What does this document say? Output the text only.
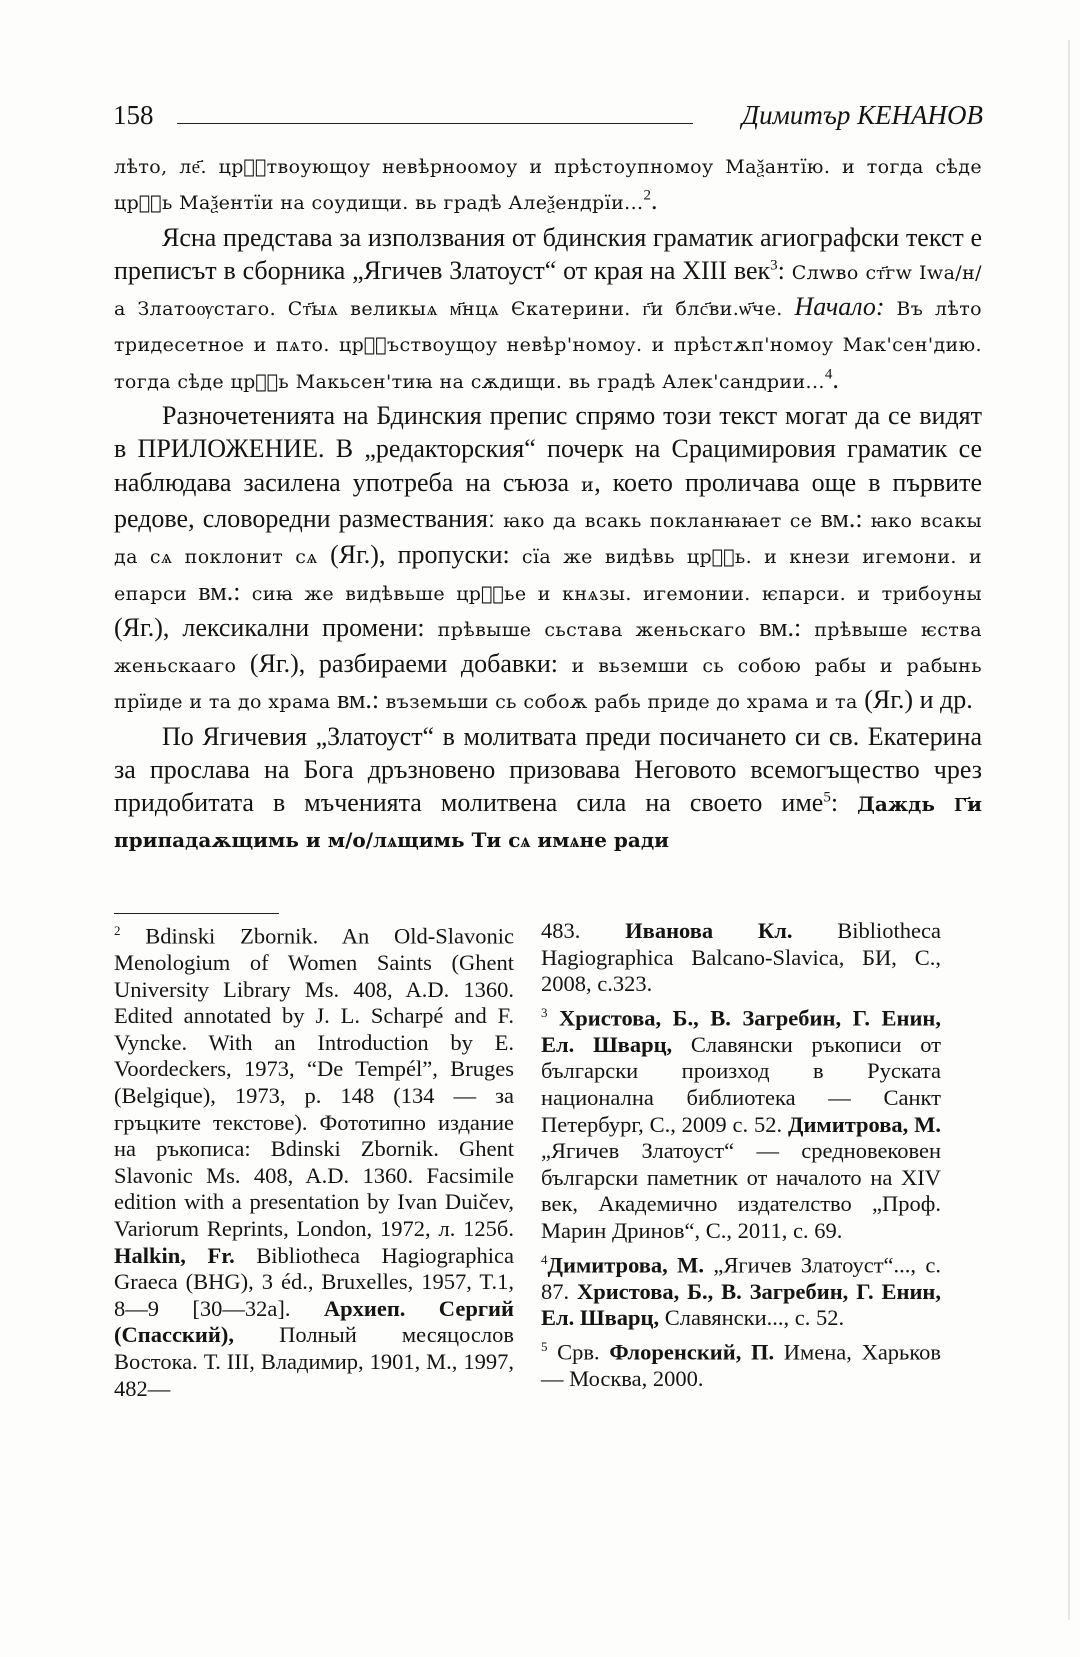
158	Димитър КЕНАНОВ

лѣто, ле҃. црⷭ҇твоующоу невѣрноомоу и прѣстоупномоу Маѯантїю. и тогда сѣде црⷭ҇ь Маѯентїи на соудищи. вь градѣ Алеѯендрїи...$^2$.

Ясна представа за използвания от бдинския граматик агиографски текст е преписът в сборника „Ягичев Златоуст“ от края на XIII век$^3$: Слwво ст҃гw Іwа/н/а Златоѹстаго. Ст҃ыѧ великыѧ м҃нцѧ Єкатерини. г҃и блс҃ви.ѡ҃че. Начало: Въ лѣто тридесетное и пѧто. црⷭ҇ъствоущоу невѣр'номоу. и прѣстѫп'номоу Мак'сен'дию. тогда сѣде црⷭ҇ь Макьсен'тиꙗ на сѫдищи. вь градѣ Алек'сандрии...$^4$.

Разночетенията на Бдинския препис спрямо този текст могат да се видят в ПРИЛОЖЕНИЕ. В „редакторския“ почерк на Срацимировия граматик се наблюдава засилена употреба на съюза и, което проличава още в първите редове, словоредни разместванияː ꙗко да всакь покланꙗꙗет се вм.: ꙗко всакы да сѧ поклонит сѧ (Яг.), пропуски: сїа же видѣвь црⷭ҇ь. и кнези игемони. и епарси вм.: сиꙗ же видѣвьше црⷭ҇ье и кнѧзы. игемонии. ѥпарси. и трибоуны (Яг.), лексикални промени: прѣвыше сьстава женьскаго вм.: прѣвыше ѥства женьскааго (Яг.), разбираеми добавки: и вьземши сь собою рабы и рабынь прїиде и та до храма вм.: въземьши сь собоѫ рабь приде до храма и та (Яг.) и др.

По Ягичевия „Златоуст“ в молитвата преди посичането си св. Екатерина за прослава на Бога дръзновено призовава Неговото всемогъщество чрез придобитата в мъченията молитвена сила на своето име$^5$: Даждь Г҃и припадаѫщимь и м/о/лѧщимь Ти сѧ имѧне ради

$^2$ Bdinski Zbornik. An Old-Slavonic Menologium of Women Saints (Ghent University Library Ms. 408, A.D. 1360. Edited annotated by J. L. Scharpé and F. Vyncke. With an Introduction by E. Voordeckers, 1973, “De Tempél”, Bruges (Belgique), 1973, p. 148 (134 — за гръцките текстове). Фототипно издание на ръкописа: Bdinski Zbornik. Ghent Slavonic Ms. 408, A.D. 1360. Facsimile edition with a presentation by Ivan Duičev, Variorum Reprints, London, 1972, л. 125б. Halkin, Fr. Bibliotheca Hagiographica Graeca (BHG), 3 éd., Bruxelles, 1957, T.1, 8—9 [30—32a]. Архиеп. Сергий (Спасский), Полный месяцослов Востока. Т. III, Владимир, 1901, М., 1997, 482—

483. Иванова Кл. Bibliotheca Hagiographica Balcano-Slavica, БИ, С., 2008, с.323.

$^3$ Христова, Б., В. Загребин, Г. Енин, Ел. Шварц, Славянски ръкописи от български произход в Руската национална библиотека — Санкт Петербург, С., 2009 с. 52. Димитрова, М. „Ягичев Златоуст“ — средновековен български паметник от началото на XIV век, Академично издателство „Проф. Марин Дринов“, С., 2011, с. 69.

$^4$Димитрова, М. „Ягичев Златоуст“..., с. 87. Христова, Б., В. Загребин, Г. Енин, Ел. Шварц, Славянски..., с. 52.

$^5$ Срв. Флоренский, П. Имена, Харьков — Москва, 2000.
